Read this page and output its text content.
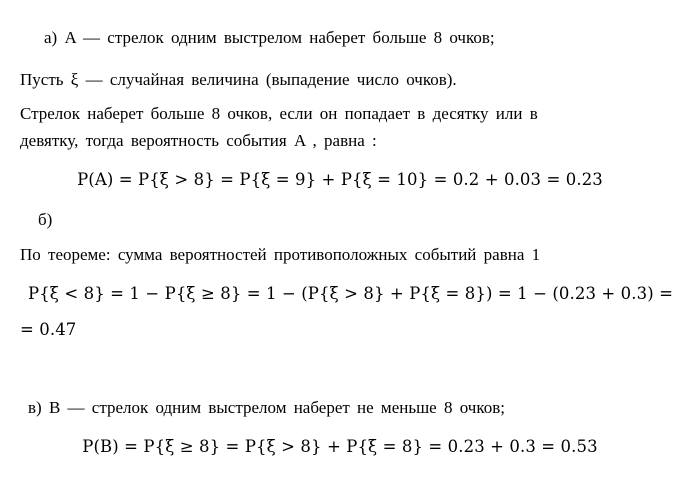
а) A — стрелок одним выстрелом наберет больше 8 очков;
Пусть ξ — случайная величина (выпадение число очков).
Стрелок наберет больше 8 очков, если он попадает в десятку или в
девятку, тогда вероятность события A , равна :
P(A) = P{ξ > 8} = P{ξ = 9} + P{ξ = 10} = 0.2 + 0.03 = 0.23
б)
По теореме: сумма вероятностей противоположных событий равна 1
P{ξ < 8} = 1 − P{ξ ≥ 8} = 1 − (P{ξ > 8} + P{ξ = 8}) = 1 − (0.23 + 0.3) =
= 0.47
в) B — стрелок одним выстрелом наберет не меньше 8 очков;
P(B) = P{ξ ≥ 8} = P{ξ > 8} + P{ξ = 8} = 0.23 + 0.3 = 0.53
